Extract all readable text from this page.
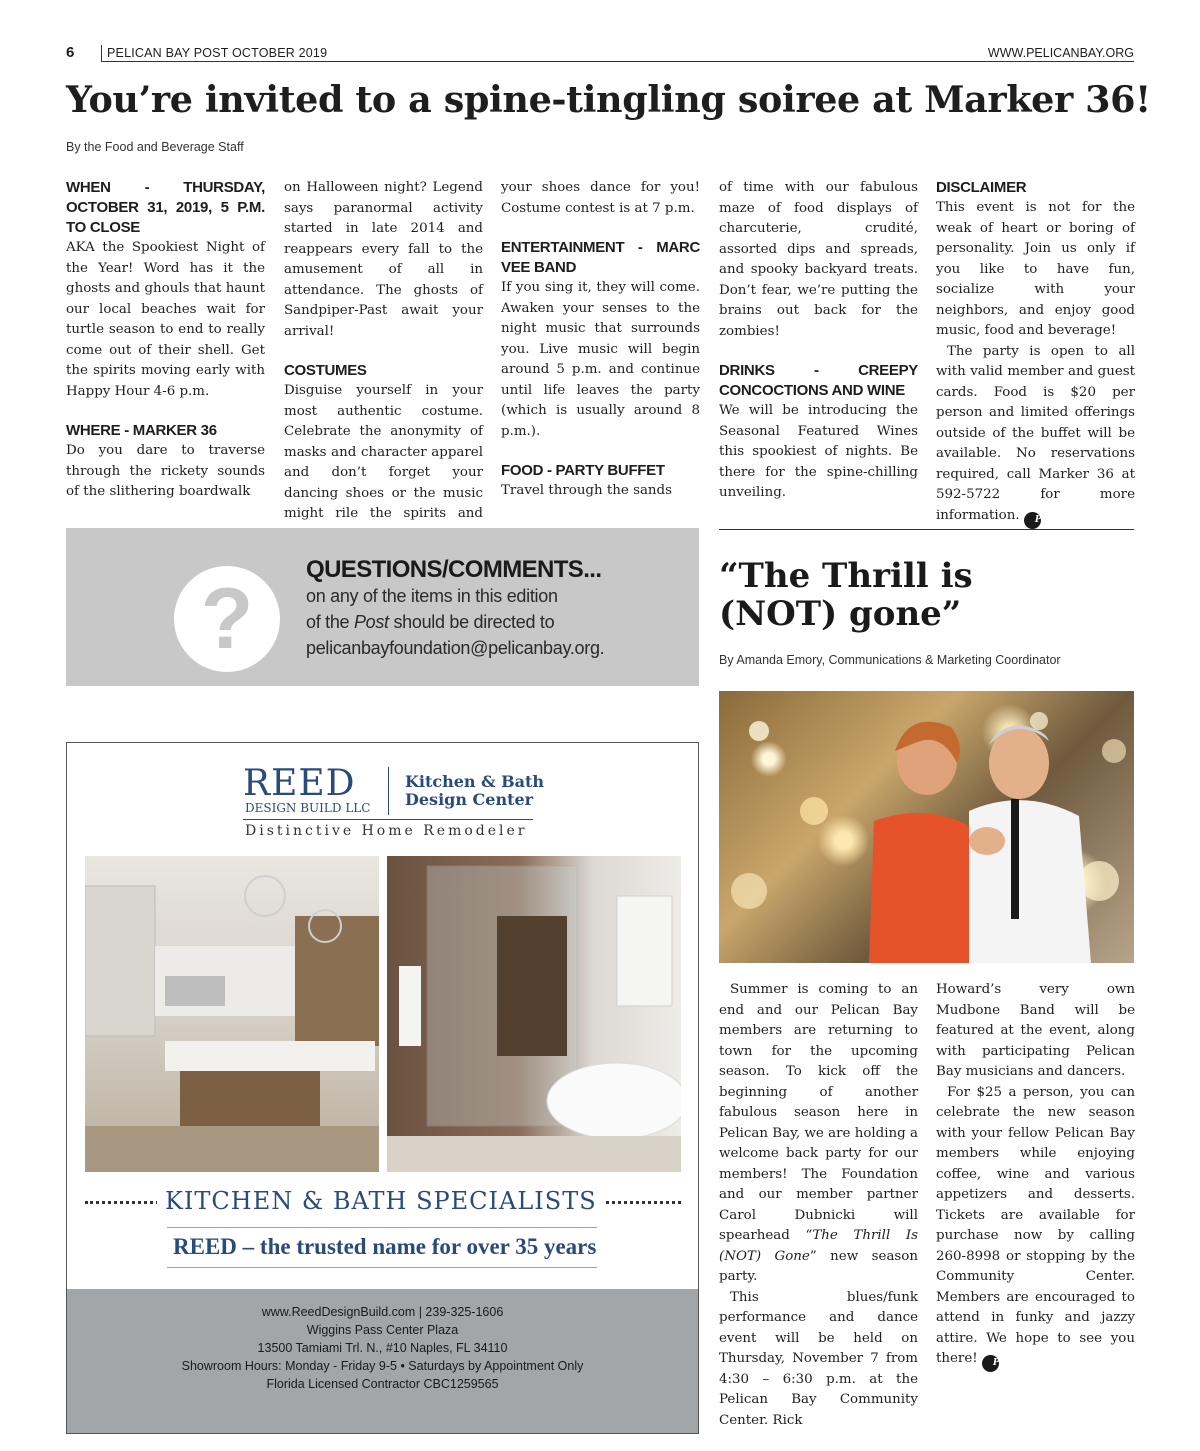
6	PELICAN BAY POST OCTOBER 2019	WWW.PELICANBAY.ORG
You’re invited to a spine-tingling soiree at Marker 36!
By the Food and Beverage Staff

WHEN - THURSDAY, OCTOBER 31, 2019, 5 P.M. TO CLOSE

AKA the Spookiest Night of the Year! Word has it the ghosts and ghouls that haunt our local beaches wait for turtle season to end to really come out of their shell. Get the spirits moving early with Happy Hour 4-6 p.m.

WHERE - MARKER 36

Do you dare to traverse through the rickety sounds of the slithering boardwalk

on Halloween night? Legend says paranormal activity started in late 2014 and reappears every fall to the amusement of all in attendance. The ghosts of Sandpiper-Past await your arrival!

COSTUMES

Disguise yourself in your most authentic costume. Celebrate the anonymity of masks and character apparel and don’t forget your dancing shoes or the music might rile the spirits and

your shoes dance for you! Costume contest is at 7 p.m.

ENTERTAINMENT - MARC VEE BAND

If you sing it, they will come. Awaken your senses to the night music that surrounds you. Live music will begin around 5 p.m. and continue until life leaves the party (which is usually around 8 p.m.).

FOOD - PARTY BUFFET

Travel through the sands

of time with our fabulous maze of food displays of charcuterie, crudité, assorted dips and spreads, and spooky backyard treats. Don’t fear, we’re putting the brains out back for the zombies!

DRINKS - CREEPY CONCOCTIONS AND WINE

We will be introducing the Seasonal Featured Wines this spookiest of nights. Be there for the spine-chilling unveiling.

DISCLAIMER

This event is not for the weak of heart or boring of personality. Join us only if you like to have fun, socialize with your neighbors, and enjoy good music, food and beverage!

The party is open to all with valid member and guest cards. Food is $20 per person and limited offerings outside of the buffet will be available. No reservations required, call Marker 36 at 592-5722 for more information. Pb

?
QUESTIONS/COMMENTS...
on any of the items in this edition
of the Post should be directed to
pelicanbayfoundation@pelicanbay.org.
“The Thrill is
(NOT) gone”
By Amanda Emory, Communications & Marketing Coordinator

Summer is coming to an end and our Pelican Bay members are returning to town for the upcoming season. To kick off the beginning of another fabulous season here in Pelican Bay, we are holding a welcome back party for our members! The Foundation and our member partner Carol Dubnicki will spearhead “The Thrill Is (NOT) Gone” new season party.

This blues/funk performance and dance event will be held on Thursday, November 7 from 4:30 – 6:30 p.m. at the Pelican Bay Community Center. Rick

Howard’s very own Mudbone Band will be featured at the event, along with participating Pelican Bay musicians and dancers.

For $25 a person, you can celebrate the new season with your fellow Pelican Bay members while enjoying coffee, wine and various appetizers and desserts. Tickets are available for purchase now by calling 260-8998 or stopping by the Community Center. Members are encouraged to attend in funky and jazzy attire. We hope to see you there! Pb

REED
DESIGN BUILD LLC
Kitchen & Bath
Design Center
Distinctive Home Remodeler
KITCHEN & BATH SPECIALISTS
REED – the trusted name for over 35 years
www.ReedDesignBuild.com | 239-325-1606
Wiggins Pass Center Plaza
13500 Tamiami Trl. N., #10 Naples, FL 34110
Showroom Hours: Monday - Friday 9-5 • Saturdays by Appointment Only
Florida Licensed Contractor CBC1259565
